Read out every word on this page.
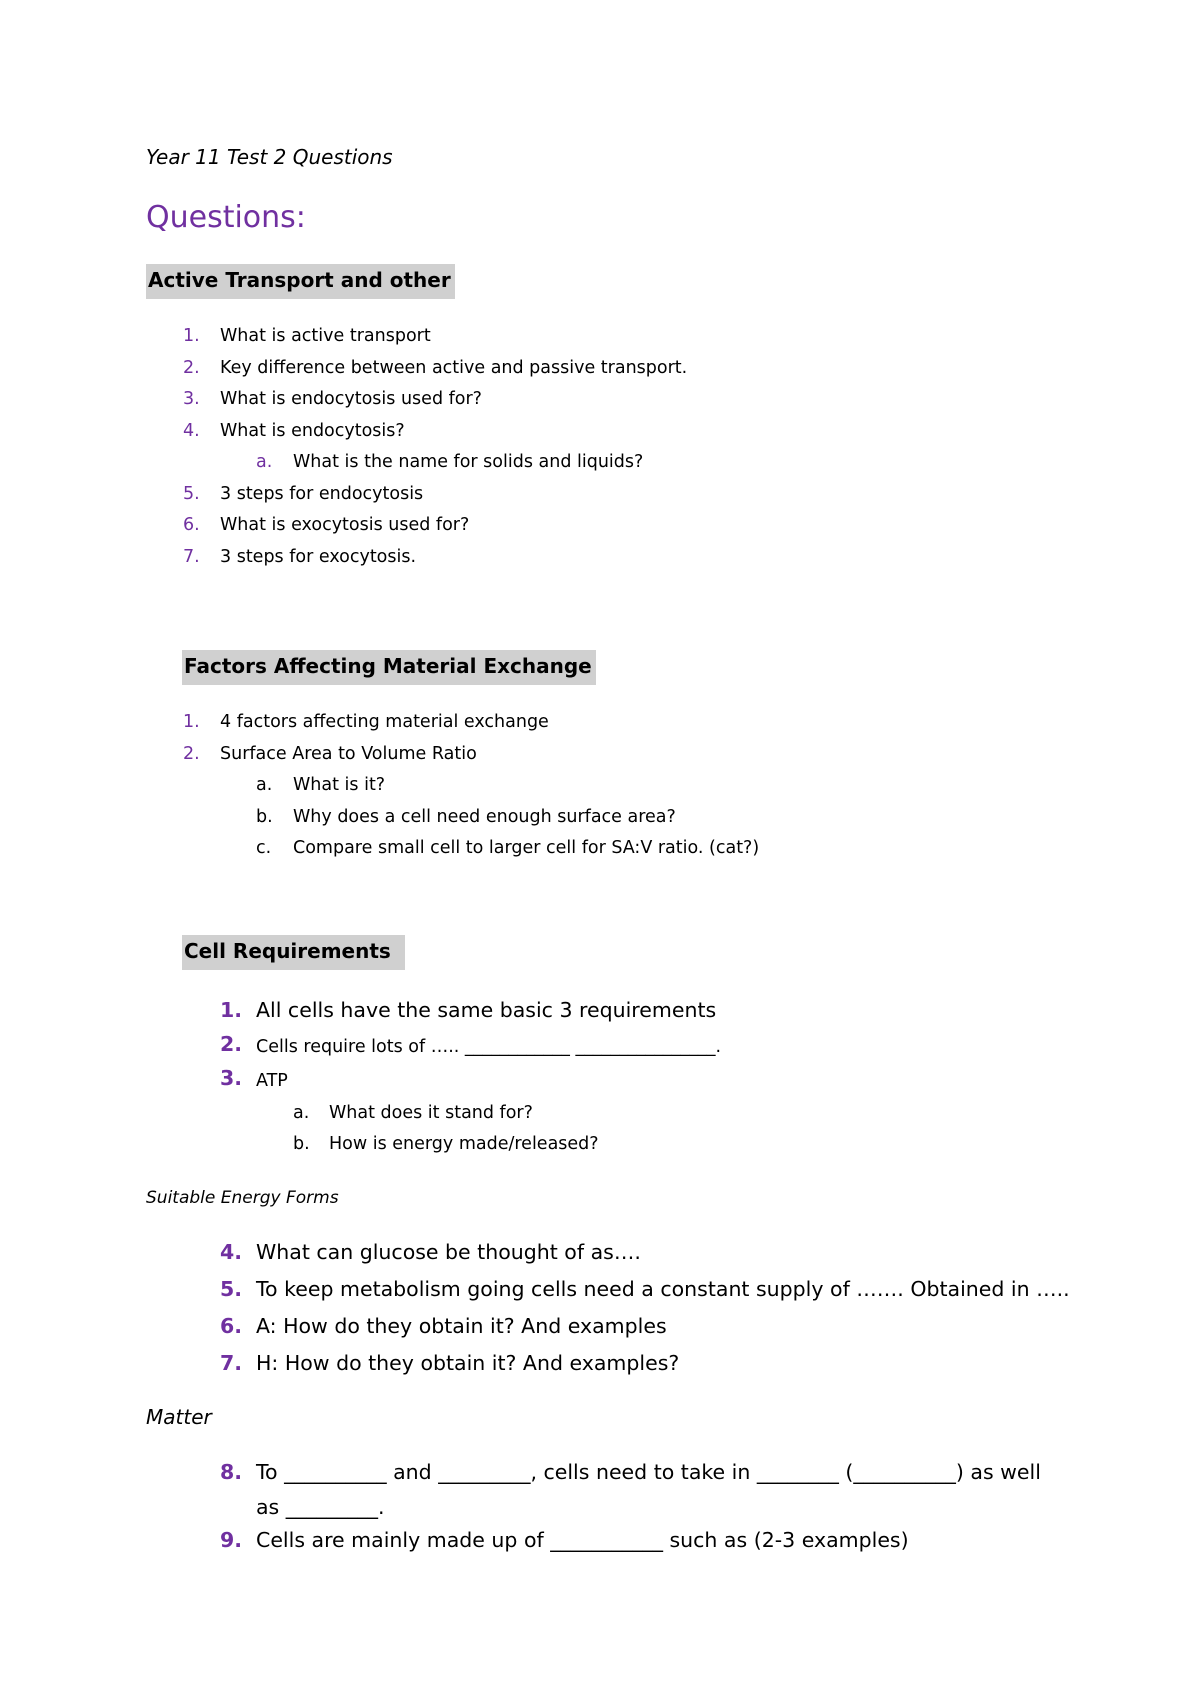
Year 11 Test 2 Questions
Questions:
Active Transport and other
1. What is active transport
2. Key difference between active and passive transport.
3. What is endocytosis used for?
4. What is endocytosis?
a. What is the name for solids and liquids?
5. 3 steps for endocytosis
6. What is exocytosis used for?
7. 3 steps for exocytosis.
Factors Affecting Material Exchange
1. 4 factors affecting material exchange
2. Surface Area to Volume Ratio
a. What is it?
b. Why does a cell need enough surface area?
c. Compare small cell to larger cell for SA:V ratio. (cat?)
Cell Requirements
1. All cells have the same basic 3 requirements
2. Cells require lots of ….. ____________ ________________.
3. ATP
a. What does it stand for?
b. How is energy made/released?
Suitable Energy Forms
4. What can glucose be thought of as….
5. To keep metabolism going cells need a constant supply of ……. Obtained in …..
6. A: How do they obtain it? And examples
7. H: How do they obtain it? And examples?
Matter
8. To __________ and _________, cells need to take in ________ (__________) as well
as _________.
9. Cells are mainly made up of ___________ such as (2-3 examples)
